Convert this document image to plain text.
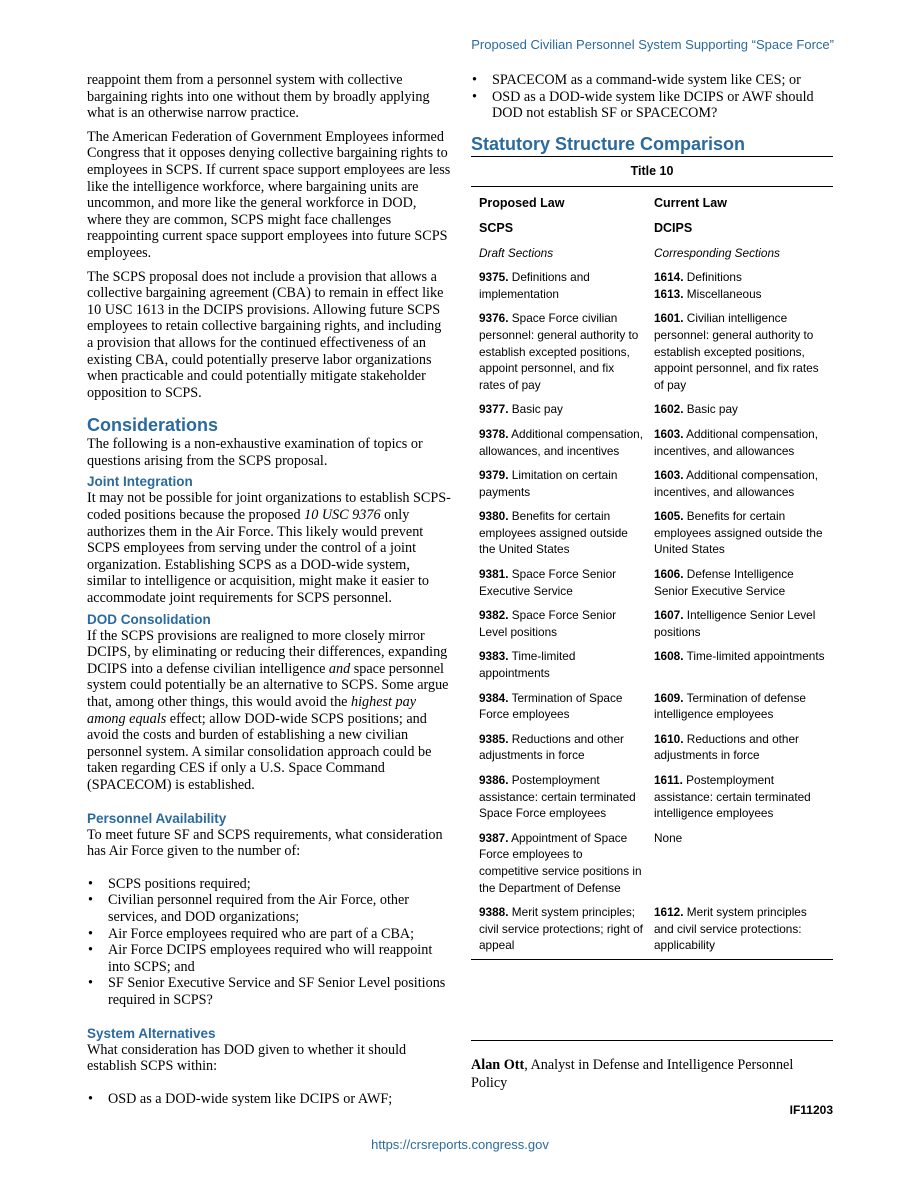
Proposed Civilian Personnel System Supporting “Space Force”

reappoint them from a personnel system with collective bargaining rights into one without them by broadly applying what is an otherwise narrow practice.

The American Federation of Government Employees informed Congress that it opposes denying collective bargaining rights to employees in SCPS. If current space support employees are less like the intelligence workforce, where bargaining units are uncommon, and more like the general workforce in DOD, where they are common, SCPS might face challenges reappointing current space support employees into future SCPS employees.

The SCPS proposal does not include a provision that allows a collective bargaining agreement (CBA) to remain in effect like 10 USC 1613 in the DCIPS provisions. Allowing future SCPS employees to retain collective bargaining rights, and including a provision that allows for the continued effectiveness of an existing CBA, could potentially preserve labor organizations when practicable and could potentially mitigate stakeholder opposition to SCPS.

Considerations

The following is a non-exhaustive examination of topics or questions arising from the SCPS proposal.

Joint Integration

It may not be possible for joint organizations to establish SCPS-coded positions because the proposed 10 USC 9376 only authorizes them in the Air Force. This likely would prevent SCPS employees from serving under the control of a joint organization. Establishing SCPS as a DOD-wide system, similar to intelligence or acquisition, might make it easier to accommodate joint requirements for SCPS personnel.

DOD Consolidation

If the SCPS provisions are realigned to more closely mirror DCIPS, by eliminating or reducing their differences, expanding DCIPS into a defense civilian intelligence and space personnel system could potentially be an alternative to SCPS. Some argue that, among other things, this would avoid the highest pay among equals effect; allow DOD-wide SCPS positions; and avoid the costs and burden of establishing a new civilian personnel system. A similar consolidation approach could be taken regarding CES if only a U.S. Space Command (SPACECOM) is established.

Personnel Availability

To meet future SF and SCPS requirements, what consideration has Air Force given to the number of:

• SCPS positions required;
• Civilian personnel required from the Air Force, other services, and DOD organizations;
• Air Force employees required who are part of a CBA;
• Air Force DCIPS employees required who will reappoint into SCPS; and
• SF Senior Executive Service and SF Senior Level positions required in SCPS?
System Alternatives

What consideration has DOD given to whether it should establish SCPS within:

• OSD as a DOD-wide system like DCIPS or AWF;
• SPACECOM as a command-wide system like CES; or
• OSD as a DOD-wide system like DCIPS or AWF should DOD not establish SF or SPACECOM?
Statutory Structure Comparison
Title 10	
Proposed Law	Current Law
SCPS	DCIPS
Draft Sections	Corresponding Sections
9375. Definitions and implementation	1614. Definitions
1613. Miscellaneous
9376. Space Force civilian personnel: general authority to establish excepted positions, appoint personnel, and fix rates of pay	1601. Civilian intelligence personnel: general authority to establish excepted positions, appoint personnel, and fix rates of pay
9377. Basic pay	1602. Basic pay
9378. Additional compensation, allowances, and incentives	1603. Additional compensation, incentives, and allowances
9379. Limitation on certain payments	1603. Additional compensation, incentives, and allowances
9380. Benefits for certain employees assigned outside the United States	1605. Benefits for certain employees assigned outside the United States
9381. Space Force Senior Executive Service	1606. Defense Intelligence Senior Executive Service
9382. Space Force Senior Level positions	1607. Intelligence Senior Level positions
9383. Time-limited appointments	1608. Time-limited appointments
9384. Termination of Space Force employees	1609. Termination of defense intelligence employees
9385. Reductions and other adjustments in force	1610. Reductions and other adjustments in force
9386. Postemployment assistance: certain terminated Space Force employees	1611. Postemployment assistance: certain terminated intelligence employees
9387. Appointment of Space Force employees to competitive service positions in the Department of Defense	None
9388. Merit system principles; civil service protections; right of appeal	1612. Merit system principles and civil service protections: applicability
Alan Ott, Analyst in Defense and Intelligence Personnel Policy
IF11203
https://crsreports.congress.gov
